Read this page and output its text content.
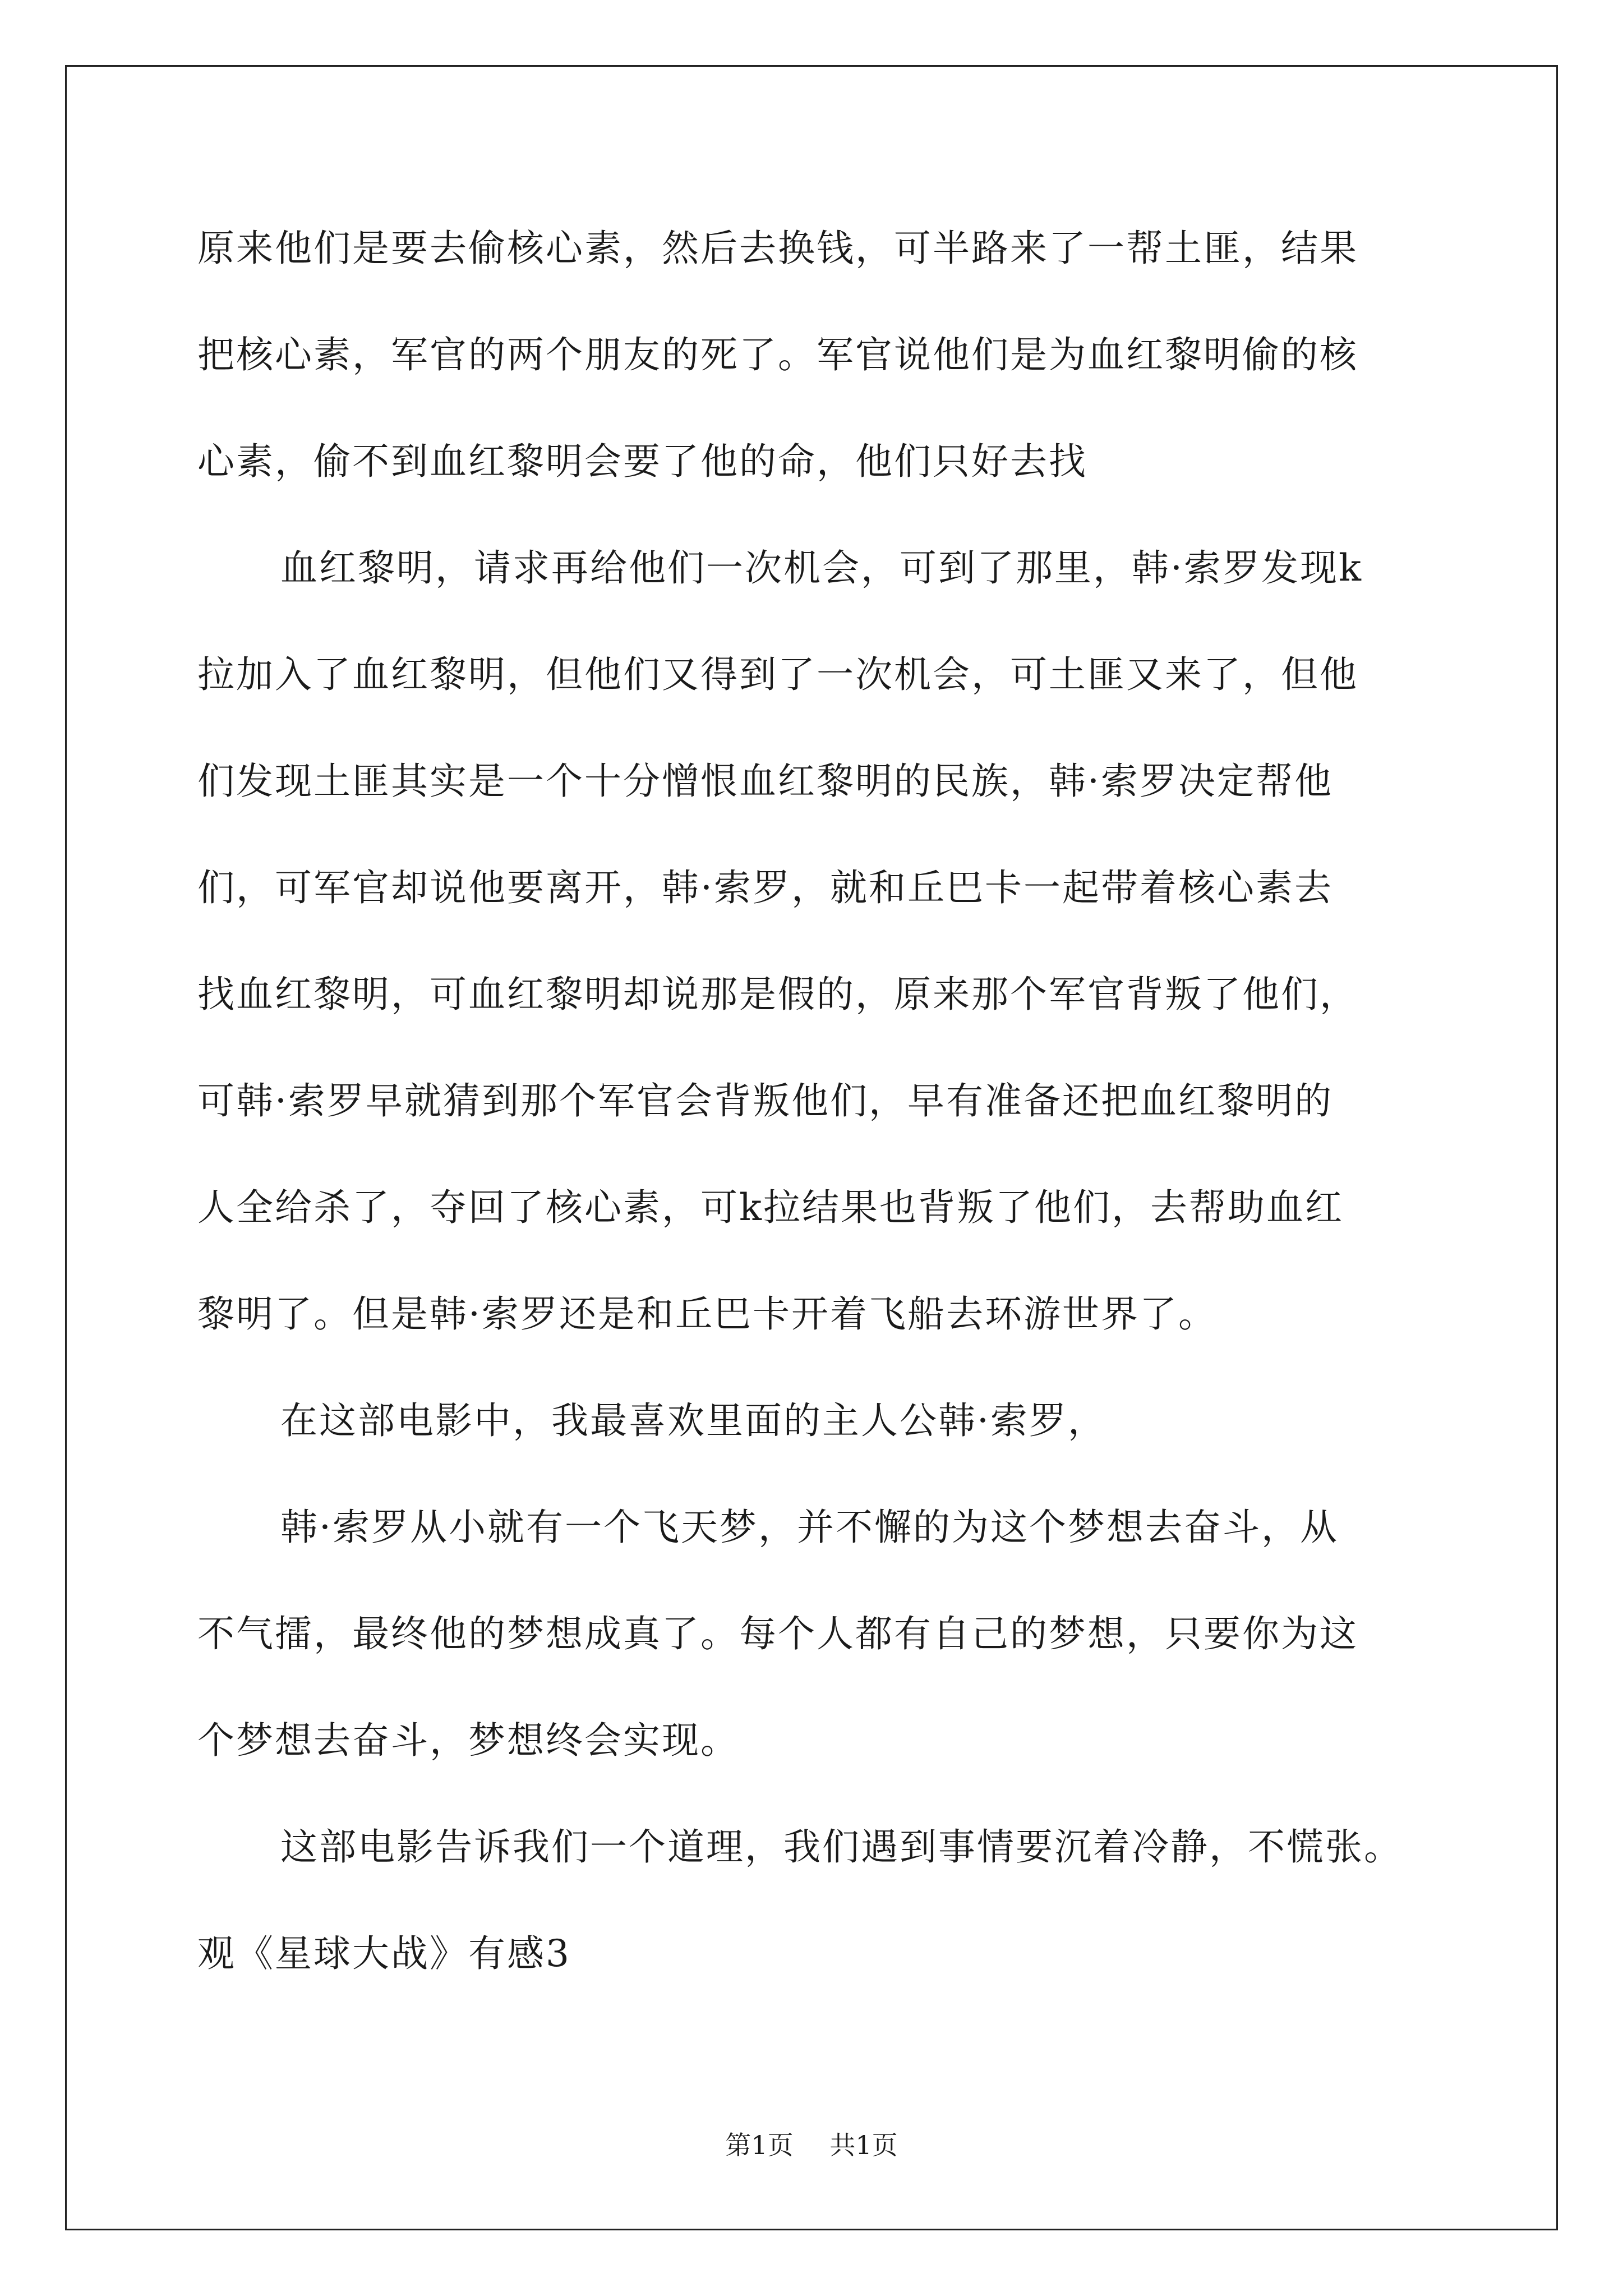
原来他们是要去偷核心素，然后去换钱，可半路来了一帮土匪，结果
把核心素，军官的两个朋友的死了。军官说他们是为血红黎明偷的核
心素，偷不到血红黎明会要了他的命，他们只好去找
血红黎明，请求再给他们一次机会，可到了那里，韩·索罗发现k
拉加入了血红黎明，但他们又得到了一次机会，可土匪又来了，但他
们发现土匪其实是一个十分憎恨血红黎明的民族，韩·索罗决定帮他
们，可军官却说他要离开，韩·索罗，就和丘巴卡一起带着核心素去
找血红黎明，可血红黎明却说那是假的，原来那个军官背叛了他们，
可韩·索罗早就猜到那个军官会背叛他们，早有准备还把血红黎明的
人全给杀了，夺回了核心素，可k拉结果也背叛了他们，去帮助血红
黎明了。但是韩·索罗还是和丘巴卡开着飞船去环游世界了。
在这部电影中，我最喜欢里面的主人公韩·索罗，
韩·索罗从小就有一个飞天梦，并不懈的为这个梦想去奋斗，从
不气擂，最终他的梦想成真了。每个人都有自己的梦想，只要你为这
个梦想去奋斗，梦想终会实现。
这部电影告诉我们一个道理，我们遇到事情要沉着冷静，不慌张。
观《星球大战》有感3
第1页 共1页
